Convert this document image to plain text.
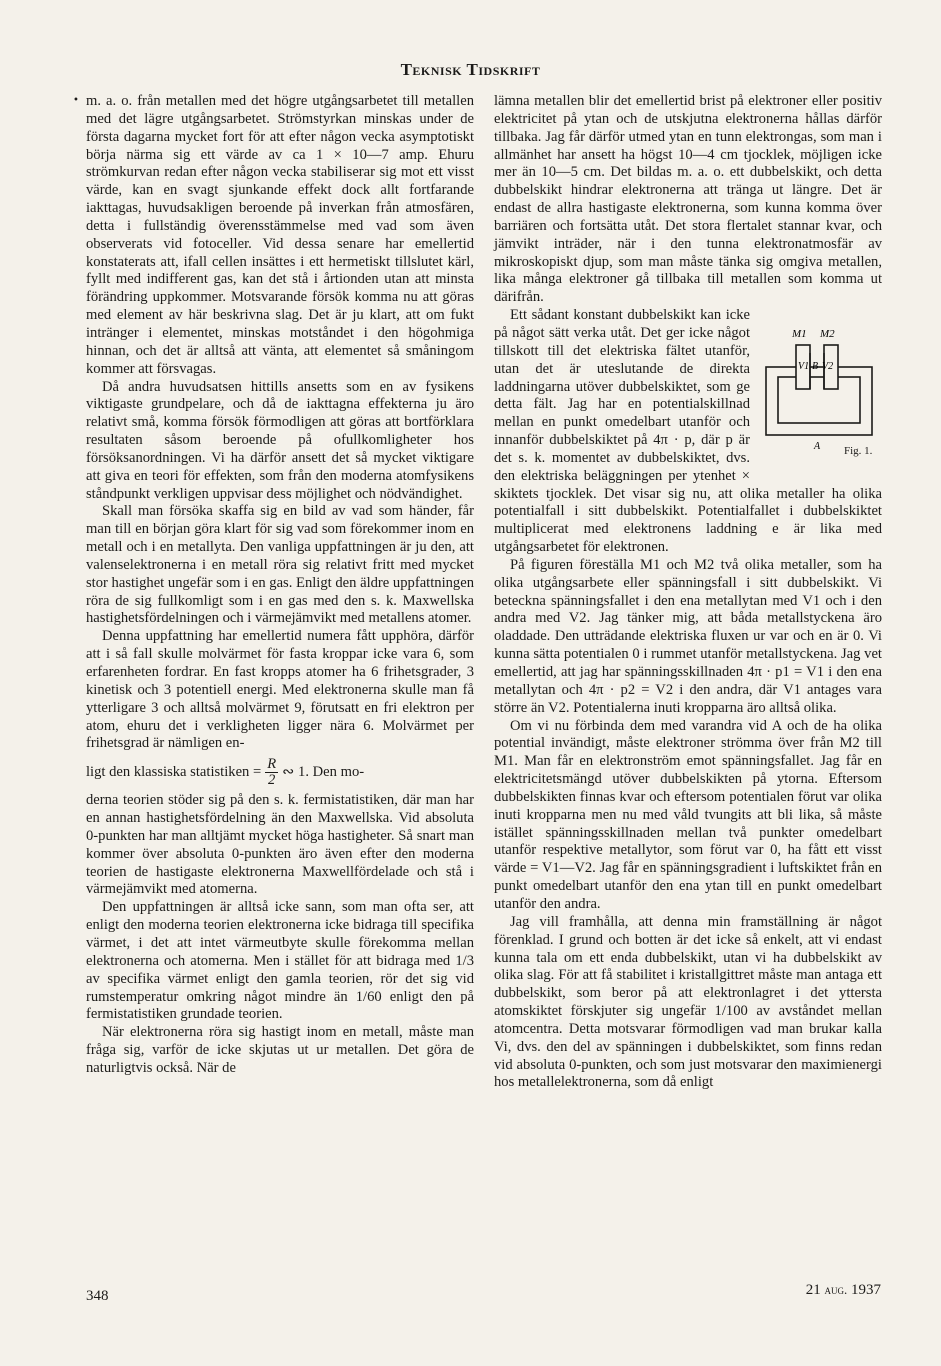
Teknisk Tidskrift
• m. a. o. från metallen med det högre utgångsarbetet till metallen med det lägre utgångsarbetet. Strömstyrkan minskas under de första dagarna mycket fort för att efter någon vecka asymptotiskt börja närma sig ett värde av ca 1 × 10—7 amp. Ehuru strömkurvan redan efter någon vecka stabiliserar sig mot ett visst värde, kan en svagt sjunkande effekt dock allt fortfarande iakttagas, huvudsakligen beroende på inverkan från atmosfären, detta i fullständig överensstämmelse med vad som även observerats vid fotoceller. Vid dessa senare har emellertid konstaterats att, ifall cellen insättes i ett hermetiskt tillslutet kärl, fyllt med indifferent gas, kan det stå i årtionden utan att minsta förändring uppkommer. Motsvarande försök komma nu att göras med element av här beskrivna slag. Det är ju klart, att om fukt intränger i elementet, minskas motståndet i den högohmiga hinnan, och det är alltså att vänta, att elementet så småningom kommer att försvagas.

Då andra huvudsatsen hittills ansetts som en av fysikens viktigaste grundpelare, och då de iakttagna effekterna ju äro relativt små, komma försök förmodligen att göras att bortförklara resultaten såsom beroende på ofullkomligheter hos försöksanordningen. Vi ha därför ansett det så mycket viktigare att giva en teori för effekten, som från den moderna atomfysikens ståndpunkt verkligen uppvisar dess möjlighet och nödvändighet.

Skall man försöka skaffa sig en bild av vad som händer, får man till en början göra klart för sig vad som förekommer inom en metall och i en metallyta. Den vanliga uppfattningen är ju den, att valenselektronerna i en metall röra sig relativt fritt med mycket stor hastighet ungefär som i en gas. Enligt den äldre uppfattningen röra de sig fullkomligt som i en gas med den s. k. Maxwellska hastighetsfördelningen och i värmejämvikt med metallens atomer.

Denna uppfattning har emellertid numera fått upphöra, därför att i så fall skulle molvärmet för fasta kroppar icke vara 6, som erfarenheten fordrar. En fast kropps atomer ha 6 frihetsgrader, 3 kinetisk och 3 potentiell energi. Med elektronerna skulle man få ytterligare 3 och alltså molvärmet 9, förutsatt en fri elektron per atom, ehuru det i verkligheten ligger nära 6. Molvärmet per frihetsgrad är nämligen en-

ligt den klassiska statistiken = $\frac{R}{2}$ ∾ 1. Den mo-

derna teorien stöder sig på den s. k. fermistatistiken, där man har en annan hastighetsfördelning än den Maxwellska. Vid absoluta 0-punkten har man alltjämt mycket höga hastigheter. Så snart man kommer över absoluta 0-punkten äro även efter den moderna teorien de hastigaste elektronerna Maxwellfördelade och stå i värmejämvikt med atomerna.

Den uppfattningen är alltså icke sann, som man ofta ser, att enligt den moderna teorien elektronerna icke bidraga till specifika värmet, i det att intet värmeutbyte skulle förekomma mellan elektronerna och atomerna. Men i stället för att bidraga med 1/3 av specifika värmet enligt den gamla teorien, rör det sig vid rumstemperatur omkring något mindre än 1/60 enligt den på fermistatistiken grundade teorien.

När elektronerna röra sig hastigt inom en metall, måste man fråga sig, varför de icke skjutas ut ur metallen. Det göra de naturligtvis också. När de

lämna metallen blir det emellertid brist på elektroner eller positiv elektricitet på ytan och de utskjutna elektronerna hållas därför tillbaka. Jag får därför utmed ytan en tunn elektrongas, som man i allmänhet har ansett ha högst 10—4 cm tjocklek, möjligen icke mer än 10—5 cm. Det bildas m. a. o. ett dubbelskikt, och detta dubbelskikt hindrar elektronerna att tränga ut längre. Det är endast de allra hastigaste elektronerna, som kunna komma över barriären och fortsätta utåt. Det stora flertalet stannar kvar, och jämvikt inträder, när i den tunna elektronatmosfär av mikroskopiskt djup, som man måste tänka sig omgiva metallen, lika många elektroner gå tillbaka till metallen som komma ut därifrån.

M1 M2
V1 B V2
A Fig. 1.

Ett sådant konstant dubbelskikt kan icke på något sätt verka utåt. Det ger icke något tillskott till det elektriska fältet utanför, utan det är uteslutande de direkta laddningarna utöver dubbelskiktet, som ge detta fält. Jag har en potentialskillnad mellan en punkt omedelbart utanför och innanför dubbelskiktet på 4π · p, där p är det s. k. momentet av dubbelskiktet, dvs. den elektriska beläggningen per ytenhet × skiktets tjocklek. Det visar sig nu, att olika metaller ha olika potentialfall i sitt dubbelskikt. Potentialfallet i dubbelskiktet multiplicerat med elektronens laddning e är lika med utgångsarbetet för elektronen.

På figuren föreställa M1 och M2 två olika metaller, som ha olika utgångsarbete eller spänningsfall i sitt dubbelskikt. Vi beteckna spänningsfallet i den ena metallytan med V1 och i den andra med V2. Jag tänker mig, att båda metallstyckena äro oladdade. Den utträdande elektriska fluxen ur var och en är 0. Vi kunna sätta potentialen 0 i rummet utanför metallstyckena. Jag vet emellertid, att jag har spänningsskillnaden 4π · p1 = V1 i den ena metallytan och 4π · p2 = V2 i den andra, där V1 antages vara större än V2. Potentialerna inuti kropparna äro alltså olika.

Om vi nu förbinda dem med varandra vid A och de ha olika potential invändigt, måste elektroner strömma över från M2 till M1. Man får en elektronström emot spänningsfallet. Jag får en elektricitetsmängd utöver dubbelskikten på ytorna. Eftersom dubbelskikten finnas kvar och eftersom potentialen förut var olika inuti kropparna men nu med våld tvungits att bli lika, så måste istället spänningsskillnaden mellan två punkter omedelbart utanför respektive metallytor, som förut var 0, ha fått ett visst värde = V1—V2. Jag får en spänningsgradient i luftskiktet från en punkt omedelbart utanför den ena ytan till en punkt omedelbart utanför den andra.

Jag vill framhålla, att denna min framställning är något förenklad. I grund och botten är det icke så enkelt, att vi endast kunna tala om ett enda dubbelskikt, utan vi ha dubbelskikt av olika slag. För att få stabilitet i kristallgittret måste man antaga ett dubbelskikt, som beror på att elektronlagret i det yttersta atomskiktet förskjuter sig ungefär 1/100 av avståndet mellan atomcentra. Detta motsvarar förmodligen vad man brukar kalla Vi, dvs. den del av spänningen i dubbelskiktet, som finns redan vid absoluta 0-punkten, och som just motsvarar den maximienergi hos metallelektronerna, som då enligt

348	21 aug. 1937
